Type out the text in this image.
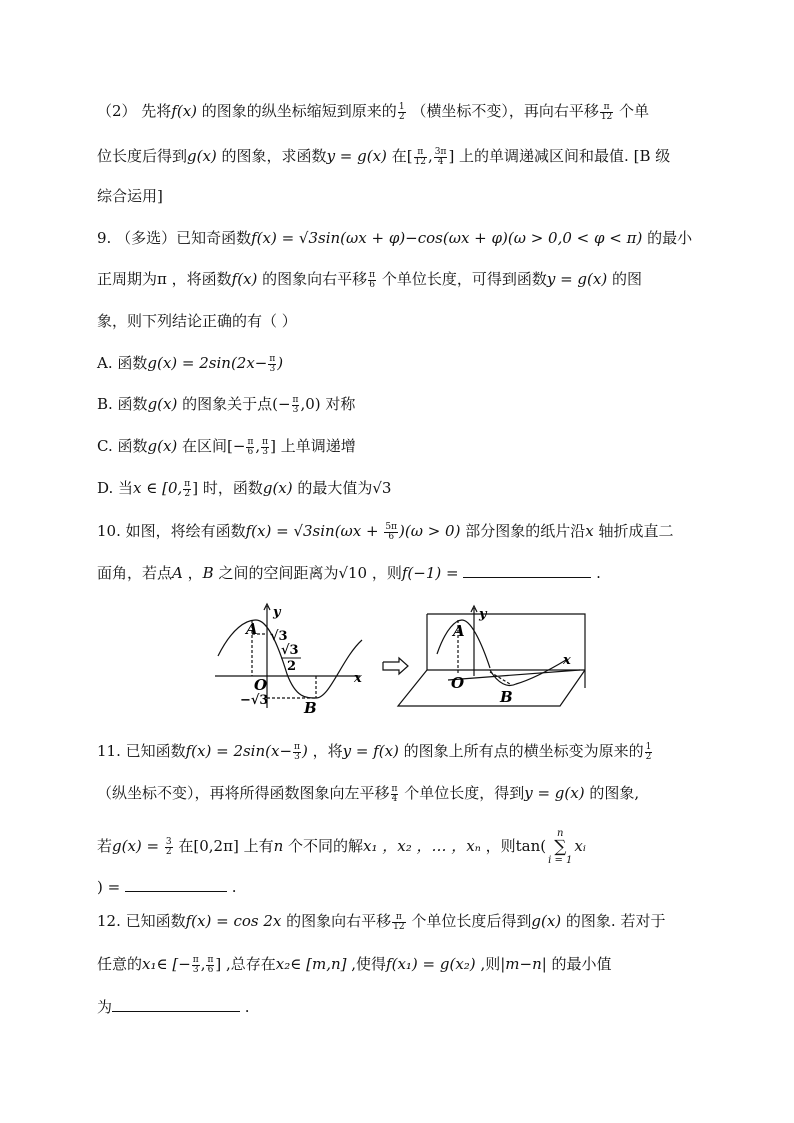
（2） 先将f(x) 的图象的纵坐标缩短到原来的 $\frac{1}{2}$ （横坐标不变），再向右平移 $\frac{\pi}{12}$ 个单
位长度后得到g(x) 的图象，求函数y = g(x) 在[ $\frac{\pi}{12}$ , $\frac{3\pi}{4}$ ] 上的单调递减区间和最值. [B 级
综合运用]
9. （多选）已知奇函数f(x) = √3sin(ωx + φ)−cos(ωx + φ)(ω > 0,0 < φ < π) 的最小
正周期为π ，将函数f(x) 的图象向右平移 $\frac{\pi}{6}$ 个单位长度，可得到函数y = g(x) 的图
象，则下列结论正确的有（ ）
A. 函数$g(x) = 2\sin(2x- \frac{\pi}{3}$ )
B. 函数g(x) 的图象关于点(− $\frac{\pi}{3} ,0$) 对称
C. 函数g(x) 在区间[− $\frac{\pi}{6}$ , $\frac{\pi}{3}$ ] 上单调递增
D. 当x ∈ [0, $\frac{\pi}{2}$ ] 时，函数g(x) 的最大值为√3
10. 如图，将绘有函数$f(x) = √3\sin(\omega x + \frac{5\pi}{6} )(\omega > 0)$ 部分图象的纸片沿x 轴折成直二
面角，若点A ，B 之间的空间距离为√10 ，则f(−1) =	.
A
y
√3
√3
2
O	x
−√3 B
A
y
x
O
B
11. 已知函数$f(x) = 2\sin(x- \frac{\pi}{3}$ ) ，将y = f(x) 的图象上所有点的横坐标变为原来的 $\frac{1}{2}$
（纵坐标不变），再将所得函数图象向左平移 $\frac{\pi}{4}$ 个单位长度，得到y = g(x) 的图象,
若$g(x) = \frac{3}{2}$ 在[0,2π] 上有n 个不同的解x₁ ，x₂ ，… ，xₙ ，则tan(n
∑
i = 1xᵢ
) =	.
12. 已知函数f(x) = cos 2x 的图象向右平移 $\frac{\pi}{12}$ 个单位长度后得到g(x) 的图象. 若对于
任意的x₁∈ [− $\frac{\pi}{3}$ , $\frac{\pi}{6}$ ] ,总存在x₂∈ [m,n] ,使得f(x₁) = g(x₂) ,则|m−n| 的最小值
为	.
